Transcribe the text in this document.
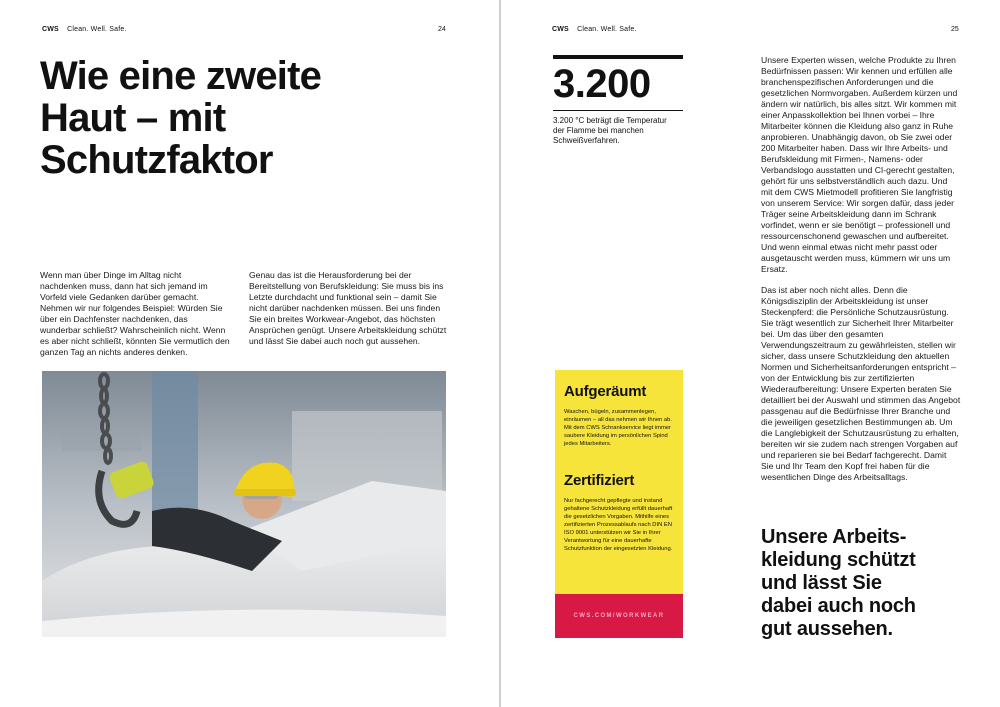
CWS Clean. Well. Safe.	24
Wie eine zweite
Haut – mit
Schutzfaktor

Wenn man über Dinge im Alltag nicht nachdenken muss, dann hat sich jemand im Vorfeld viele Gedanken darüber gemacht. Nehmen wir nur folgendes Beispiel: Würden Sie über ein Dachfenster nachdenken, das wunderbar schließt? Wahrscheinlich nicht. Wenn es aber nicht schließt, könnten Sie vermutlich den ganzen Tag an nichts anderes denken.

Genau das ist die Herausforderung bei der Bereitstellung von Berufskleidung: Sie muss bis ins Letzte durchdacht und funktional sein – damit Sie nicht darüber nachdenken müssen. Bei uns finden Sie ein breites Workwear-Angebot, das höchsten Ansprüchen genügt. Unsere Arbeitskleidung schützt und lässt Sie dabei auch noch gut aussehen.

CWS Clean. Well. Safe.	25
3.200
3.200 °C beträgt die Temperatur der Flamme bei manchen Schweißverfahren.

Unsere Experten wissen, welche Produkte zu Ihren Bedürfnissen passen: Wir kennen und erfüllen alle branchenspezifischen Anforderungen und die gesetzlichen Normvorgaben. Außerdem kürzen und ändern wir natürlich, bis alles sitzt. Wir kommen mit einer Anpasskollektion bei Ihnen vorbei – Ihre Mitarbeiter können die Kleidung also ganz in Ruhe anprobieren. Unabhängig davon, ob Sie zwei oder 200 Mitarbeiter haben. Dass wir Ihre Arbeits- und Berufskleidung mit Firmen-, Namens- oder Verbandslogo ausstatten und CI-gerecht gestalten, gehört für uns selbstverständlich auch dazu. Und mit dem CWS Mietmodell profitieren Sie langfristig von unserem Service: Wir sorgen dafür, dass jeder Träger seine Arbeitskleidung dann im Schrank vorfindet, wenn er sie benötigt – professionell und ressourcenschonend gewaschen und aufbereitet. Und wenn einmal etwas nicht mehr passt oder ausgetauscht werden muss, kümmern wir uns um Ersatz.

Das ist aber noch nicht alles. Denn die Königsdisziplin der Arbeitskleidung ist unser Steckenpferd: die Persönliche Schutzausrüstung. Sie trägt wesentlich zur Sicherheit Ihrer Mitarbeiter bei. Um das über den gesamten Verwendungszeitraum zu gewährleisten, stellen wir sicher, dass unsere Schutzkleidung den aktuellen Normen und Sicherheitsanforderungen entspricht – von der Entwicklung bis zur zertifizierten Wiederaufbereitung: Unsere Experten beraten Sie detailliert bei der Auswahl und stimmen das Angebot passgenau auf die Bedürfnisse Ihrer Branche und die jeweiligen gesetzlichen Bestimmungen ab. Um die Langlebigkeit der Schutzausrüstung zu erhalten, bereiten wir sie zudem nach strengen Vorgaben auf und reparieren sie bei Bedarf fachgerecht. Damit Sie und Ihr Team den Kopf frei haben für die wesentlichen Dinge des Arbeitsalltags.

Aufgeräumt

Waschen, bügeln, zusammenlegen, einräumen – all das nehmen wir Ihnen ab. Mit dem CWS Schrankservice liegt immer saubere Kleidung im persönlichen Spind jedes Mitarbeiters.

Zertifiziert

Nur fachgerecht gepflegte und instand gehaltene Schutzkleidung erfüllt dauerhaft die gesetzlichen Vorgaben. Mithilfe eines zertifizierten Prozessablaufs nach DIN EN ISO 9001 unterstützen wir Sie in Ihrer Verantwortung für eine dauerhafte Schutzfunktion der eingesetzten Kleidung.

CWS.COM/WORKWEAR
Unsere Arbeits-
kleidung schützt
und lässt Sie
dabei auch noch
gut aussehen.
